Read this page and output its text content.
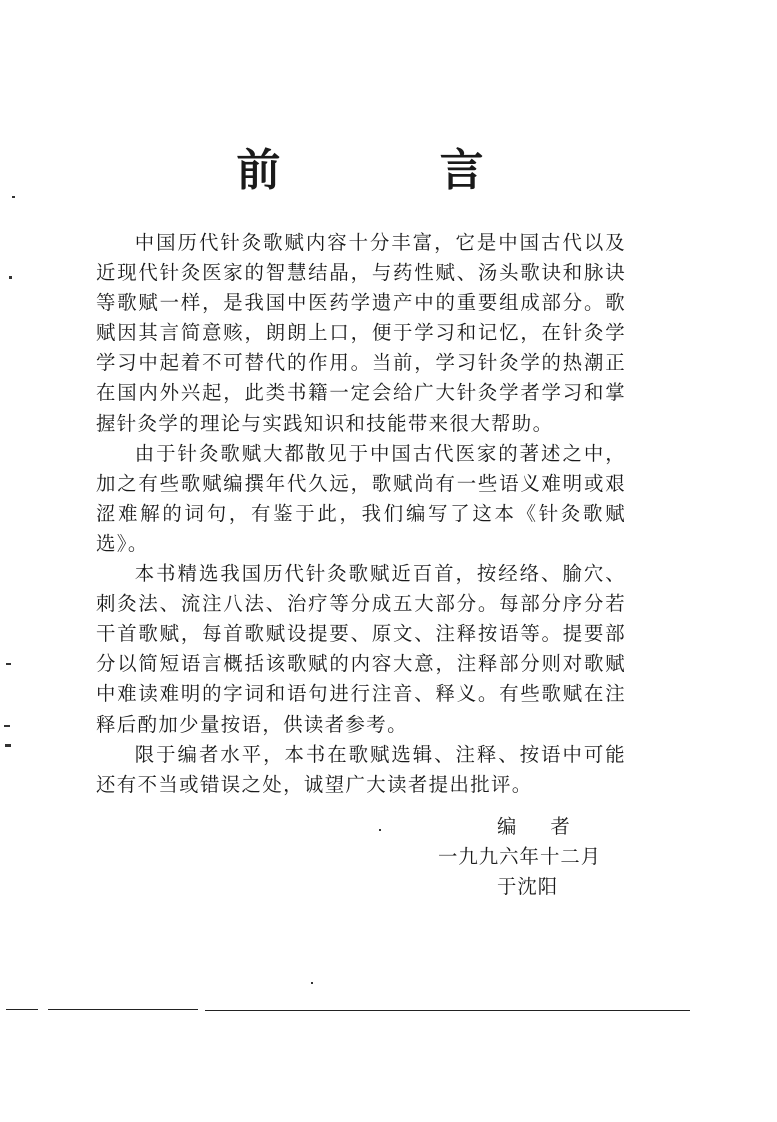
前 言

中国历代针灸歌赋内容十分丰富，它是中国古代以及近现代针灸医家的智慧结晶，与药性赋、汤头歌诀和脉诀等歌赋一样，是我国中医药学遗产中的重要组成部分。歌赋因其言简意赅，朗朗上口，便于学习和记忆，在针灸学学习中起着不可替代的作用。当前，学习针灸学的热潮正在国内外兴起，此类书籍一定会给广大针灸学者学习和掌握针灸学的理论与实践知识和技能带来很大帮助。

由于针灸歌赋大都散见于中国古代医家的著述之中，加之有些歌赋编撰年代久远，歌赋尚有一些语义难明或艰涩难解的词句，有鉴于此，我们编写了这本《针灸歌赋选》。

本书精选我国历代针灸歌赋近百首，按经络、腧穴、刺灸法、流注八法、治疗等分成五大部分。每部分序分若干首歌赋，每首歌赋设提要、原文、注释按语等。提要部分以简短语言概括该歌赋的内容大意，注释部分则对歌赋中难读难明的字词和语句进行注音、释义。有些歌赋在注释后酌加少量按语，供读者参考。

限于编者水平，本书在歌赋选辑、注释、按语中可能还有不当或错误之处，诚望广大读者提出批评。

编者
一九九六年十二月
于沈阳
